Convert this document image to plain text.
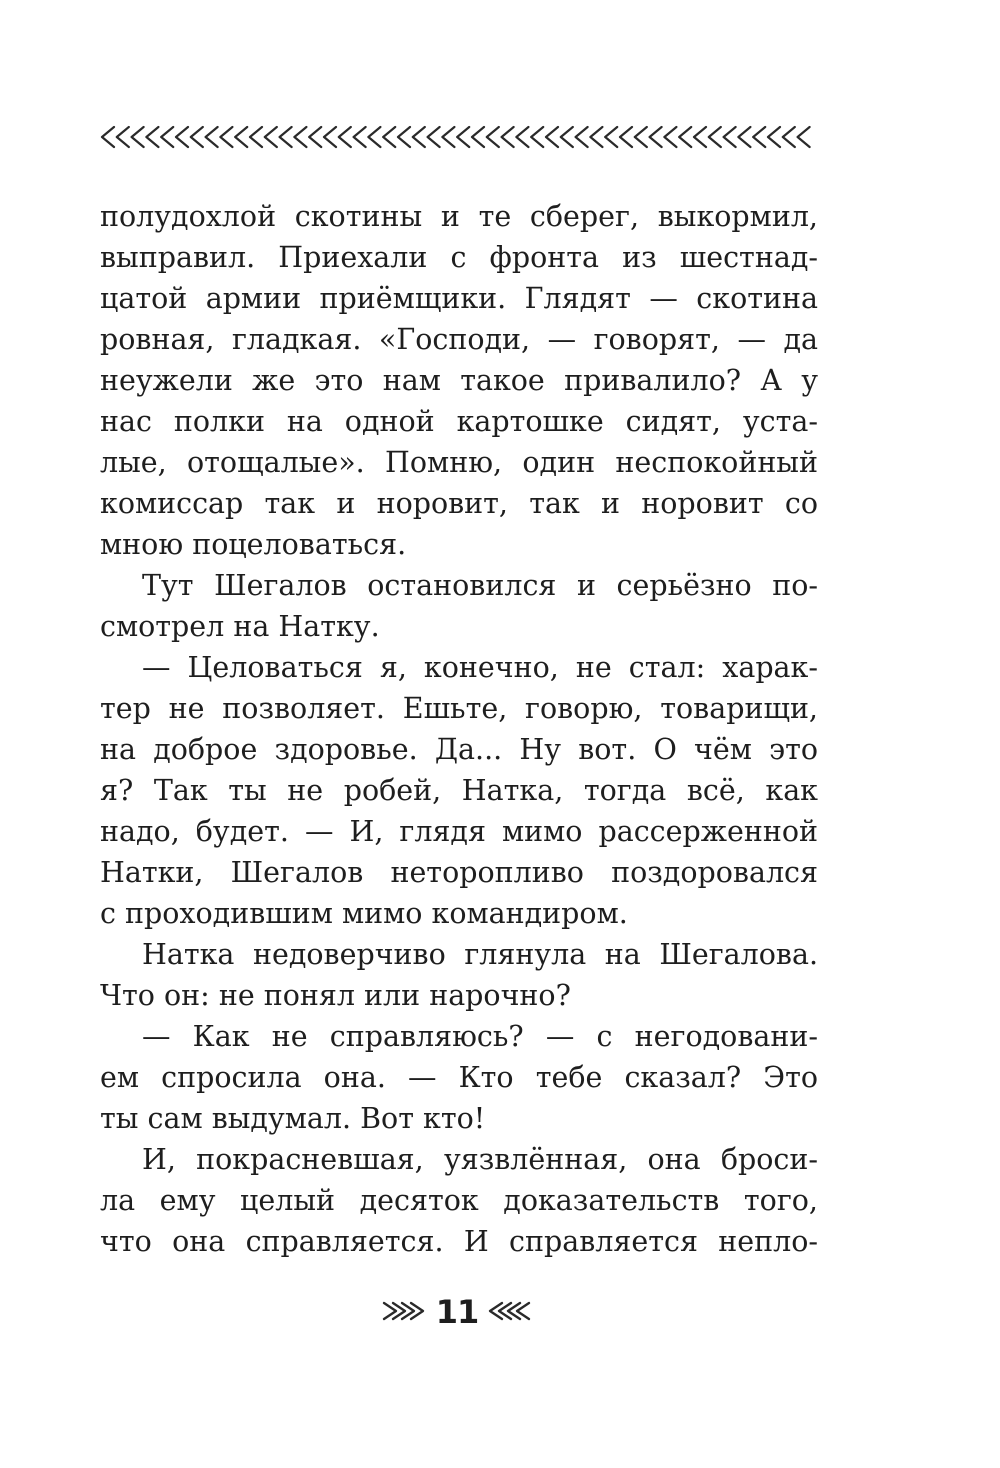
полудохлой скотины и те сберег, выкормил,
выправил. Приехали с фронта из шестнад-
цатой армии приёмщики. Глядят — скотина
ровная, гладкая. «Господи, — говорят, — да
неужели же это нам такое привалило? А у
нас полки на одной картошке сидят, уста-
лые, отощалые». Помню, один неспокойный
комиссар так и норовит, так и норовит со
мною поцеловаться.
Тут Шегалов остановился и серьёзно по-
смотрел на Натку.
— Целоваться я, конечно, не стал: харак-
тер не позволяет. Ешьте, говорю, товарищи,
на доброе здоровье. Да... Ну вот. О чём это
я? Так ты не робей, Натка, тогда всё, как
надо, будет. — И, глядя мимо рассерженной
Натки, Шегалов неторопливо поздоровался
с проходившим мимо командиром.
Натка недоверчиво глянула на Шегалова.
Что он: не понял или нарочно?
— Как не справляюсь? — с негодовани-
ем спросила она. — Кто тебе сказал? Это
ты сам выдумал. Вот кто!
И, покрасневшая, уязвлённая, она броси-
ла ему целый десяток доказательств того,
что она справляется. И справляется непло-
11
